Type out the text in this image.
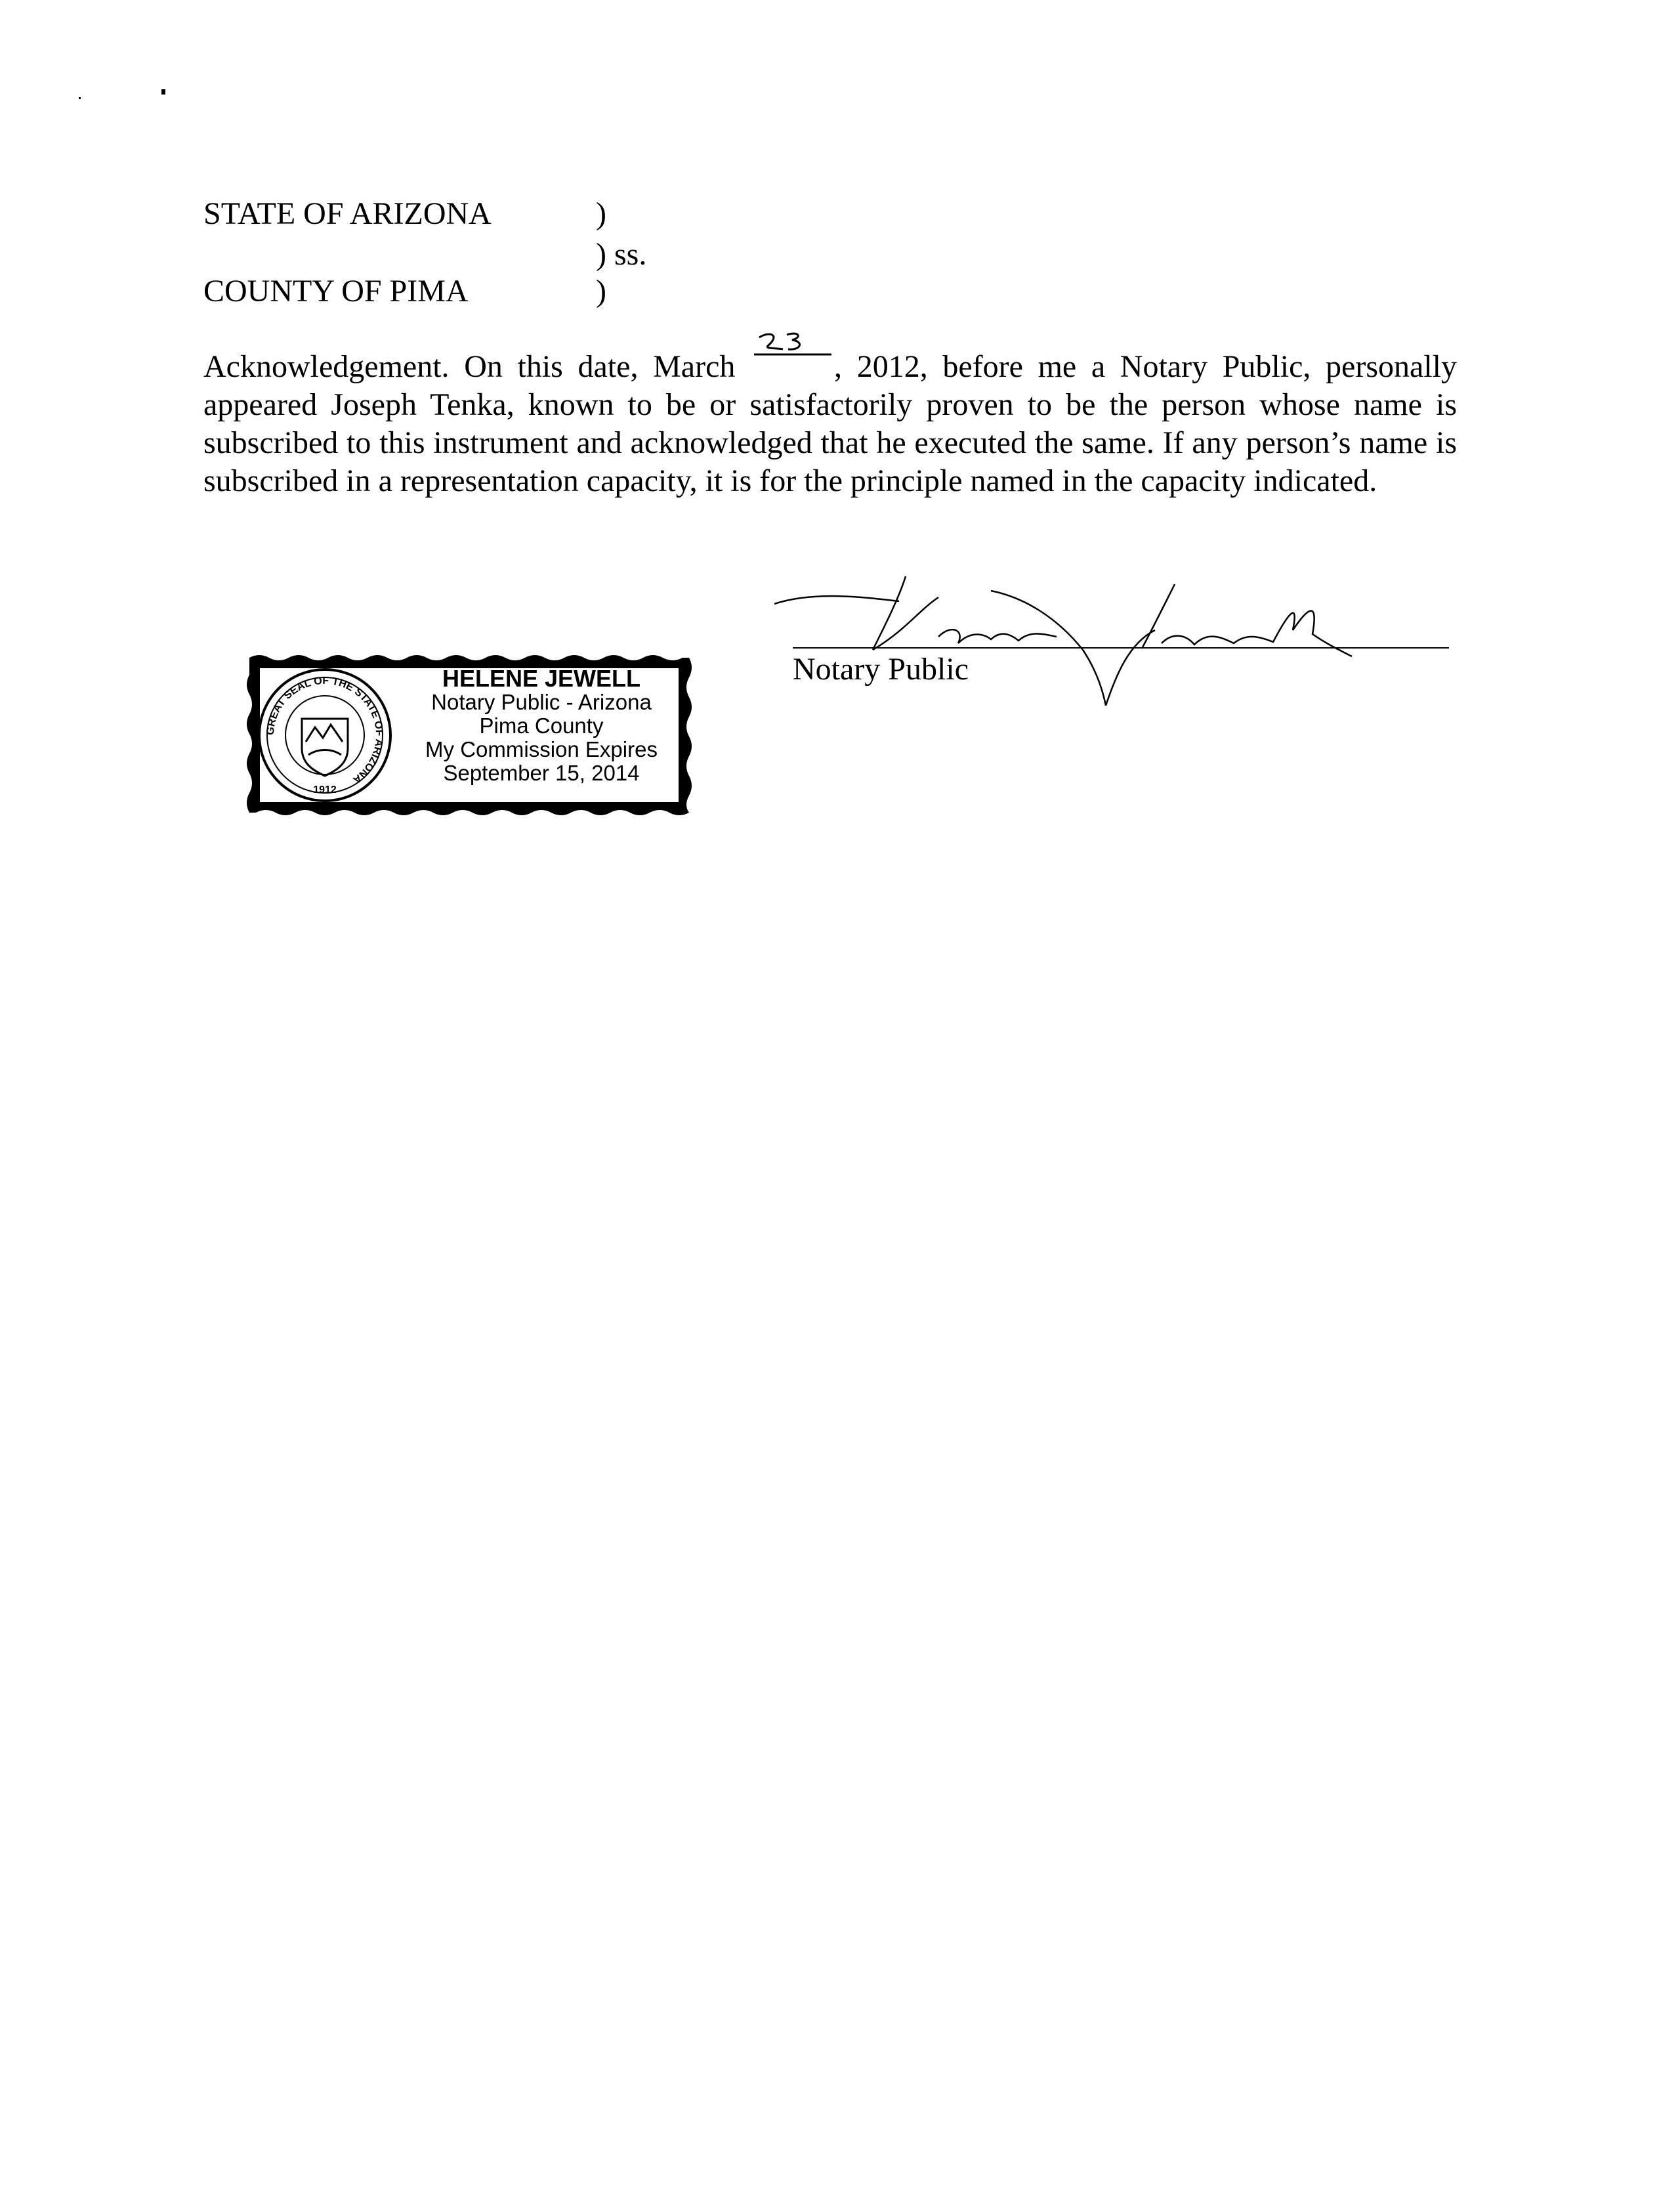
STATE OF ARIZONA
COUNTY OF PIMA
)
) ss.
)
Acknowledgement. On this date, March	, 2012, before me a Notary Public, personally appeared Joseph Tenka, known to be or satisfactorily proven to be the person whose name is subscribed to this instrument and acknowledged that he executed the same. If any person’s name is subscribed in a representation capacity, it is for the principle named in the capacity indicated.
Notary Public
GREAT SEAL OF THE STATE OF ARIZONA
1912
HELENE JEWELL
Notary Public - Arizona
Pima County
My Commission Expires
September 15, 2014
